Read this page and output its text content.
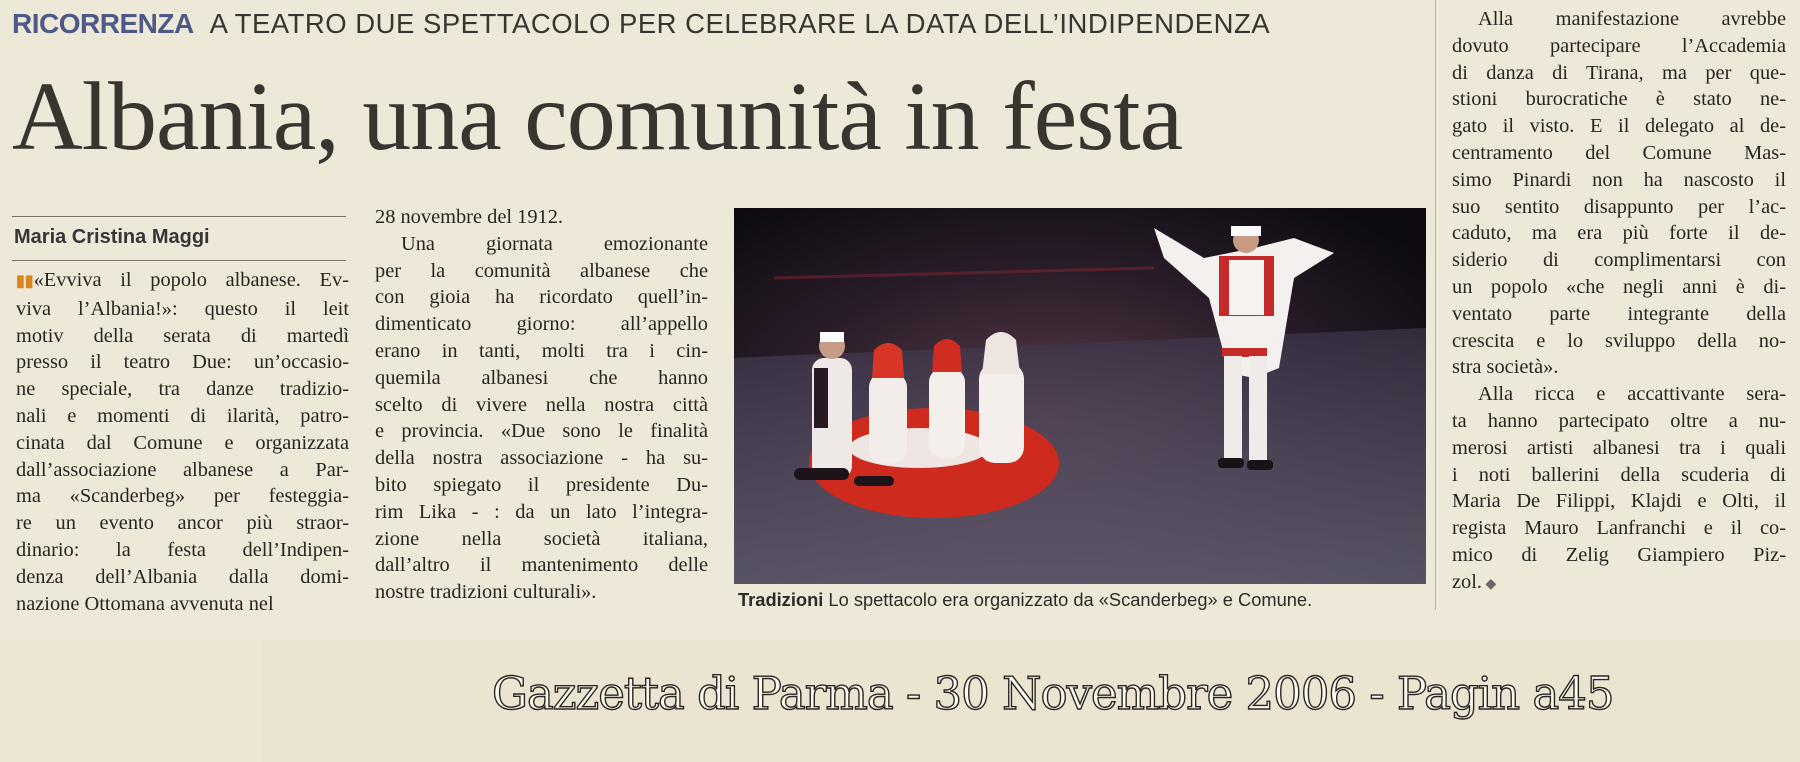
RICORRENZA A TEATRO DUE SPETTACOLO PER CELEBRARE LA DATA DELL’INDIPENDENZA
Albania, una comunità in festa
Maria Cristina Maggi

▮▮«Evviva il popolo albanese. Ev-

viva l’Albania!»: questo il leit

motiv della serata di martedì

presso il teatro Due: un’occasio-

ne speciale, tra danze tradizio-

nali e momenti di ilarità, patro-

cinata dal Comune e organizzata

dall’associazione albanese a Par-

ma «Scanderbeg» per festeggia-

re un evento ancor più straor-

dinario: la festa dell’Indipen-

denza dell’Albania dalla domi-

nazione Ottomana avvenuta nel

28 novembre del 1912.

Una giornata emozionante

per la comunità albanese che

con gioia ha ricordato quell’in-

dimenticato giorno: all’appello

erano in tanti, molti tra i cin-

quemila albanesi che hanno

scelto di vivere nella nostra città

e provincia. «Due sono le finalità

della nostra associazione - ha su-

bito spiegato il presidente Du-

rim Lika - : da un lato l’integra-

zione nella società italiana,

dall’altro il mantenimento delle

nostre tradizioni culturali».	Tradizioni Lo spettacolo era organizzato da «Scanderbeg» e Comune.

Alla manifestazione avrebbe

dovuto partecipare l’Accademia

di danza di Tirana, ma per que-

stioni burocratiche è stato ne-

gato il visto. E il delegato al de-

centramento del Comune Mas-

simo Pinardi non ha nascosto il

suo sentito disappunto per l’ac-

caduto, ma era più forte il de-

siderio di complimentarsi con

un popolo «che negli anni è di-

ventato parte integrante della

crescita e lo sviluppo della no-

stra società».

Alla ricca e accattivante sera-

ta hanno partecipato oltre a nu-

merosi artisti albanesi tra i quali

i noti ballerini della scuderia di

Maria De Filippi, Klajdi e Olti, il

regista Mauro Lanfranchi e il co-

mico di Zelig Giampiero Piz-

zol. ◆

Gazzetta di Parma - 30 Novembre 2006 - Pagin a45
